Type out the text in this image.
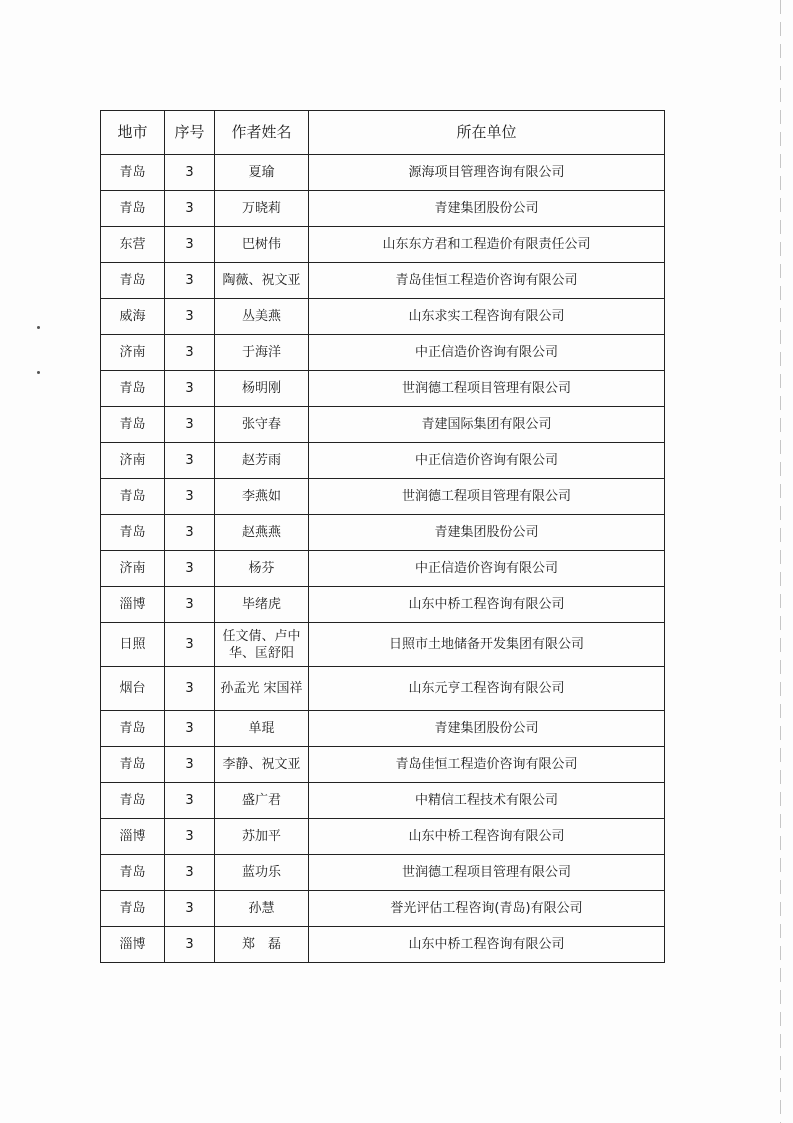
地市	序号	作者姓名	所在单位
青岛	3	夏瑜	源海项目管理咨询有限公司
青岛	3	万晓莉	青建集团股份公司
东营	3	巴树伟	山东东方君和工程造价有限责任公司
青岛	3	陶薇、祝文亚	青岛佳恒工程造价咨询有限公司
威海	3	丛美燕	山东求实工程咨询有限公司
济南	3	于海洋	中正信造价咨询有限公司
青岛	3	杨明刚	世润德工程项目管理有限公司
青岛	3	张守春	青建国际集团有限公司
济南	3	赵芳雨	中正信造价咨询有限公司
青岛	3	李燕如	世润德工程项目管理有限公司
青岛	3	赵燕燕	青建集团股份公司
济南	3	杨芬	中正信造价咨询有限公司
淄博	3	毕绪虎	山东中桥工程咨询有限公司
日照	3	任文倩、卢中华、匡舒阳	日照市土地储备开发集团有限公司
烟台	3	孙孟光 宋国祥	山东元亨工程咨询有限公司
青岛	3	单琨	青建集团股份公司
青岛	3	李静、祝文亚	青岛佳恒工程造价咨询有限公司
青岛	3	盛广君	中精信工程技术有限公司
淄博	3	苏加平	山东中桥工程咨询有限公司
青岛	3	蓝功乐	世润德工程项目管理有限公司
青岛	3	孙慧	誉光评估工程咨询(青岛)有限公司
淄博	3	郑　磊	山东中桥工程咨询有限公司
